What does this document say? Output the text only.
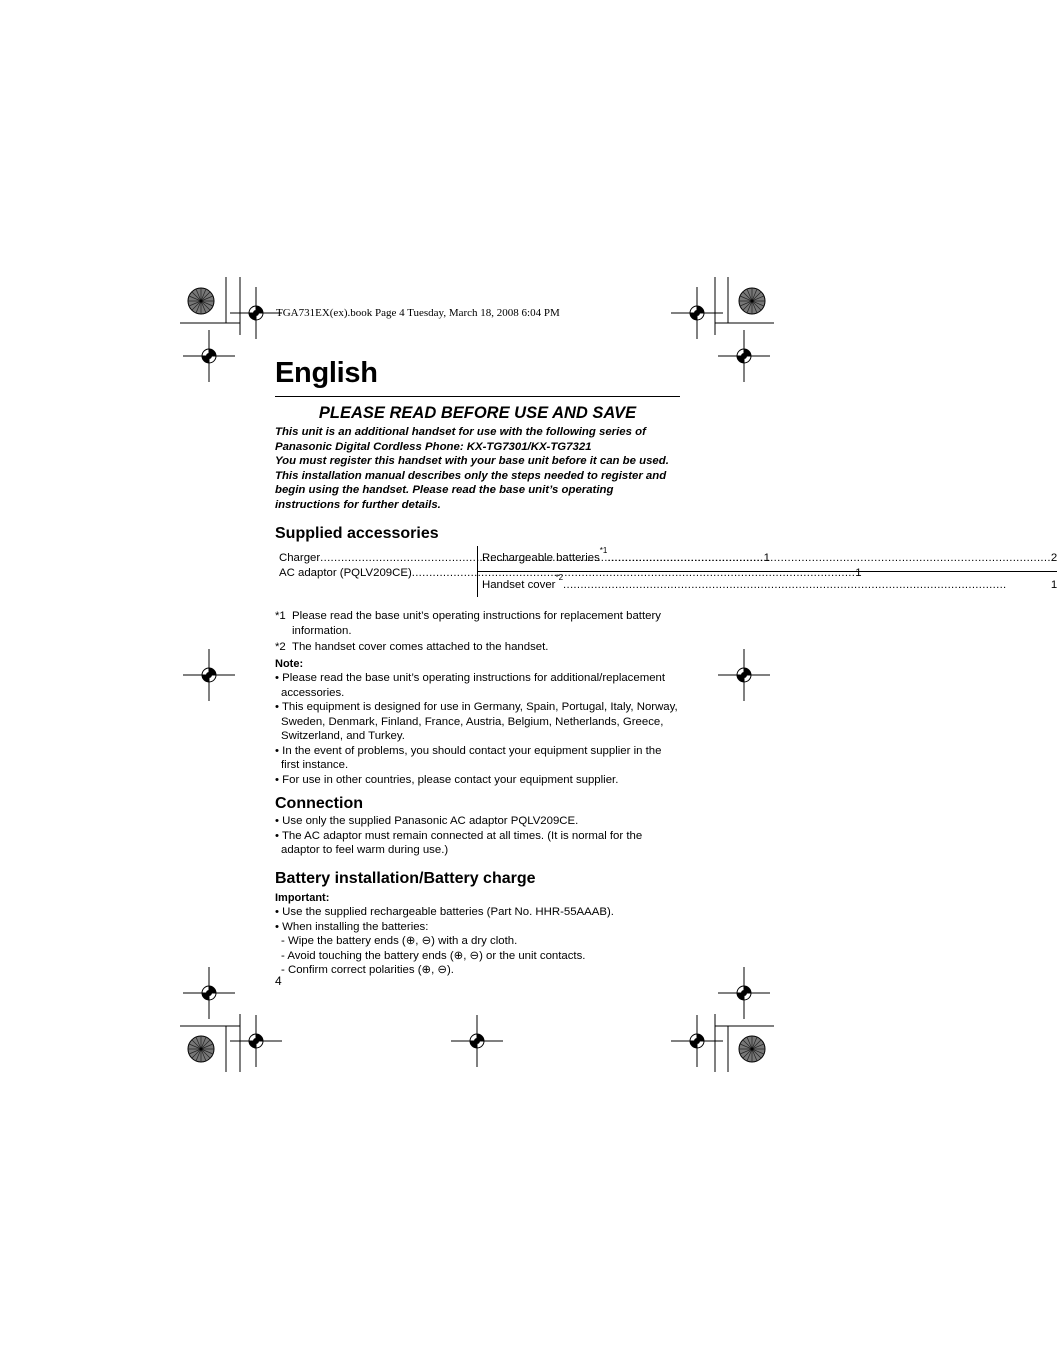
TGA731EX(ex).book Page 4 Tuesday, March 18, 2008 6:04 PM
English
PLEASE READ BEFORE USE AND SAVE

This unit is an additional handset for use with the following series of Panasonic Digital Cordless Phone: KX-TG7301/KX-TG7321

You must register this handset with your base unit before it can be used. This installation manual describes only the steps needed to register and begin using the handset. Please read the base unit’s operating instructions for further details.

Supplied accessories
Charger .....	1
AC adaptor (PQLV209CE) .....	1
Rechargeable batteries
*1
.....
2
Handset cover
*2
.....
1
*1 Please read the base unit’s operating instructions for replacement battery information.
*2 The handset cover comes attached to the handset.
Note:
• Please read the base unit’s operating instructions for additional/replacement accessories.
• This equipment is designed for use in Germany, Spain, Portugal, Italy, Norway, Sweden, Denmark, Finland, France, Austria, Belgium, Netherlands, Greece, Switzerland, and Turkey.
• In the event of problems, you should contact your equipment supplier in the first instance.
• For use in other countries, please contact your equipment supplier.
Connection
• Use only the supplied Panasonic AC adaptor PQLV209CE.
• The AC adaptor must remain connected at all times. (It is normal for the adaptor to feel warm during use.)
Battery installation/Battery charge
Important:
• Use the supplied rechargeable batteries (Part No. HHR-55AAAB).
• When installing the batteries:
- Wipe the battery ends (⊕, ⊖) with a dry cloth.
- Avoid touching the battery ends (⊕, ⊖) or the unit contacts.
- Confirm correct polarities (⊕, ⊖).
4
